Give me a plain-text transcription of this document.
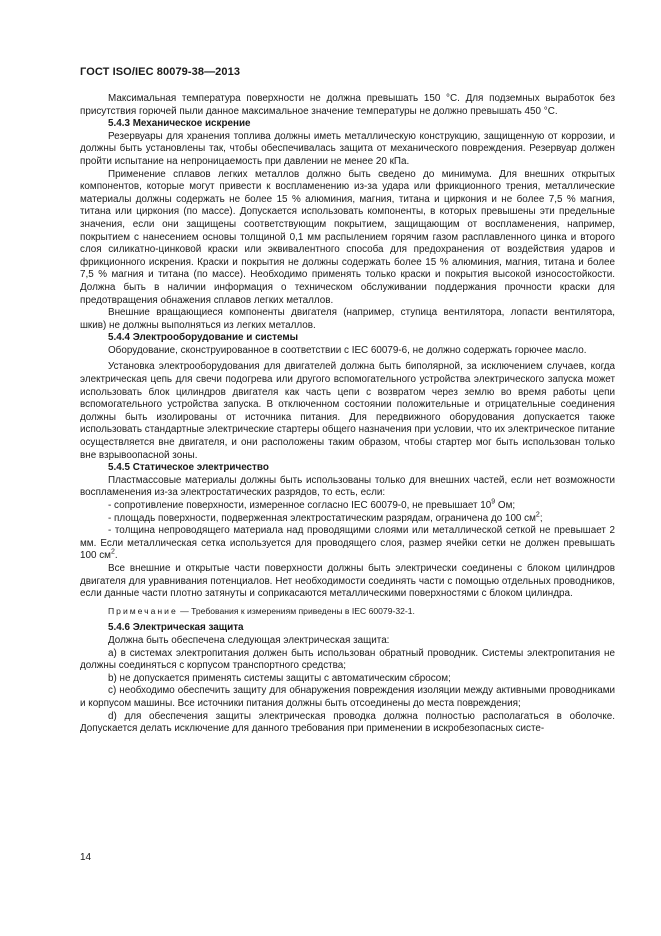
ГОСТ ISO/IEC 80079-38—2013

Максимальная температура поверхности не должна превышать 150 °С. Для подземных выработок без присутствия горючей пыли данное максимальное значение температуры не должно превышать 450 °С.

5.4.3 Механическое искрение

Резервуары для хранения топлива должны иметь металлическую конструкцию, защищенную от коррозии, и должны быть установлены так, чтобы обеспечивалась защита от механического повреждения. Резервуар должен пройти испытание на непроницаемость при давлении не менее 20 кПа.

Применение сплавов легких металлов должно быть сведено до минимума. Для внешних открытых компонентов, которые могут привести к воспламенению из-за удара или фрикционного трения, металлические материалы должны содержать не более 15 % алюминия, магния, титана и циркония и не более 7,5 % магния, титана или циркония (по массе). Допускается использовать компоненты, в которых превышены эти предельные значения, если они защищены соответствующим покрытием, защищающим от воспламенения, например, покрытием с нанесением основы толщиной 0,1 мм распылением горячим газом расплавленного цинка и второго слоя силикатно-цинковой краски или эквивалентного способа для предохранения от воздействия ударов и фрикционного искрения. Краски и покрытия не должны содержать более 15 % алюминия, магния, титана и более 7,5 % магния и титана (по массе). Необходимо применять только краски и покрытия высокой износостойкости. Должна быть в наличии информация о техническом обслуживании поддержания прочности краски для предотвращения обнажения сплавов легких металлов.

Внешние вращающиеся компоненты двигателя (например, ступица вентилятора, лопасти вентилятора, шкив) не должны выполняться из легких металлов.

5.4.4 Электрооборудование и системы

Оборудование, сконструированное в соответствии с IEC 60079-6, не должно содержать горючее масло.

Установка электрооборудования для двигателей должна быть биполярной, за исключением случаев, когда электрическая цепь для свечи подогрева или другого вспомогательного устройства электрического запуска может использовать блок цилиндров двигателя как часть цепи с возвратом через землю во время работы цепи вспомогательного устройства запуска. В отключенном состоянии положительные и отрицательные соединения должны быть изолированы от источника питания. Для передвижного оборудования допускается также использовать стандартные электрические стартеры общего назначения при условии, что их электрическое питание осуществляется вне двигателя, и они расположены таким образом, чтобы стартер мог быть использован только вне взрывоопасной зоны.

5.4.5 Статическое электричество

Пластмассовые материалы должны быть использованы только для внешних частей, если нет возможности воспламенения из-за электростатических разрядов, то есть, если:

- сопротивление поверхности, измеренное согласно IEC 60079-0, не превышает $10^9$ Ом;

- площадь поверхности, подверженная электростатическим разрядам, ограничена до 100 $см^2$;

- толщина непроводящего материала над проводящими слоями или металлической сеткой не превышает 2 мм. Если металлическая сетка используется для проводящего слоя, размер ячейки сетки не должен превышать 100 $см^2$.

Все внешние и открытые части поверхности должны быть электрически соединены с блоком цилиндров двигателя для уравнивания потенциалов. Нет необходимости соединять части с помощью отдельных проводников, если данные части плотно затянуты и соприкасаются металлическими поверхностями с блоком цилиндра.

Примечание — Требования к измерениям приведены в IEC 60079-32-1.

5.4.6 Электрическая защита

Должна быть обеспечена следующая электрическая защита:

a) в системах электропитания должен быть использован обратный проводник. Системы электропитания не должны соединяться с корпусом транспортного средства;

b) не допускается применять системы защиты с автоматическим сбросом;

c) необходимо обеспечить защиту для обнаружения повреждения изоляции между активными проводниками и корпусом машины. Все источники питания должны быть отсоединены до места повреждения;

d) для обеспечения защиты электрическая проводка должна полностью располагаться в оболочке. Допускается делать исключение для данного требования при применении в искробезопасных систе-

14
